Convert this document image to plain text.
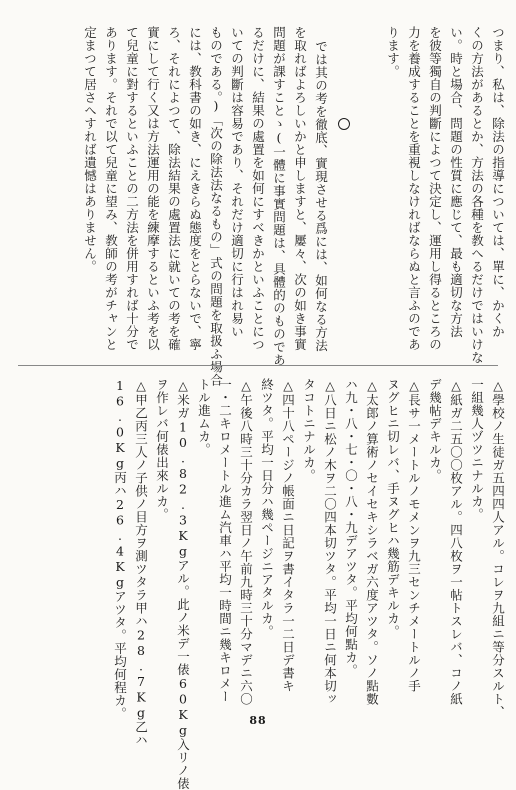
つまり、私は、除法の指導については、單に、かくか
くの方法があるとか、方法の各種を教へるだけではいけな
い。時と場合、問題の性質に應じて、最も適切な方法
を彼等獨自の判斷によつて決定し、運用し得るところの
力を養成することを重視しなければならぬと言ふのであ
ります。
では其の考を徹底、實現させる爲には、如何なる方法
を取ればよろしいかと申しますと、屢々、次の如き事實
問題が課すことゝ(一體に事實問題は、具體的のものであ
るだけに、結果の處置を如何にすべきかといふことにつ
いての判斷は容易であり、それだけ適切に行はれ易い
ものである。)「次の除法法なるもの」式の問題を取扱ふ場合
には、教科書の如き、にえきらぬ態度をとらないで、寧
ろ、それによつて、除法結果の處置法に就いての考を確
實にして行く又は方法運用の能を練摩するといふ考を以
て兒童に對するといふことの二方法を併用すれば十分で
あります。それで以て兒童に望み、教師の考がチャンと
定まつて居さへすれば遺憾はありません。
△學校ノ生徒ガ五四四人アル。コレヲ九組ニ等分スルト、
一組幾人ヅツニナルカ。
△紙ガ二五〇〇枚アル。四八枚ヲ一帖トスレバ、コノ紙
デ幾帖デキルカ。
△長サ一メートルノモメンヲ九三センチメートルノ手
ヌグヒニ切レバ、手ヌグヒハ幾筋デキルカ。
△太郎ノ算術ノセイセキシラベガ六度アツタ。ソノ點數
ハ九・八・七・〇・八・九デアツタ。平均何點カ。
△八日ニ松ノ木ヲ二〇四本切ツタ。平均一日ニ何本切ッ
タコトニナルカ。
△四十八ページノ帳面ニ日記ヲ書イタラ一二日デ書キ
終ツタ。平均一日分ハ幾ページニアタルカ。
△午後八時三十分カラ翌日ノ午前九時三十分マデニ六〇
一・二キロメートル進ム汽車ハ平均一時間ニ幾キロメー
トル進ムカ。
△米ガ10.82.3Kgアル。此ノ米デ一俵60Kg入リノ俵
ヲ作レバ何俵出來ルカ。
△甲乙丙三人ノ子供ノ目方ヲ測ツタラ甲ハ28.7Kg乙ハ
16.0Kg丙ハ26.4Kgアツタ。平均何程カ。
88
